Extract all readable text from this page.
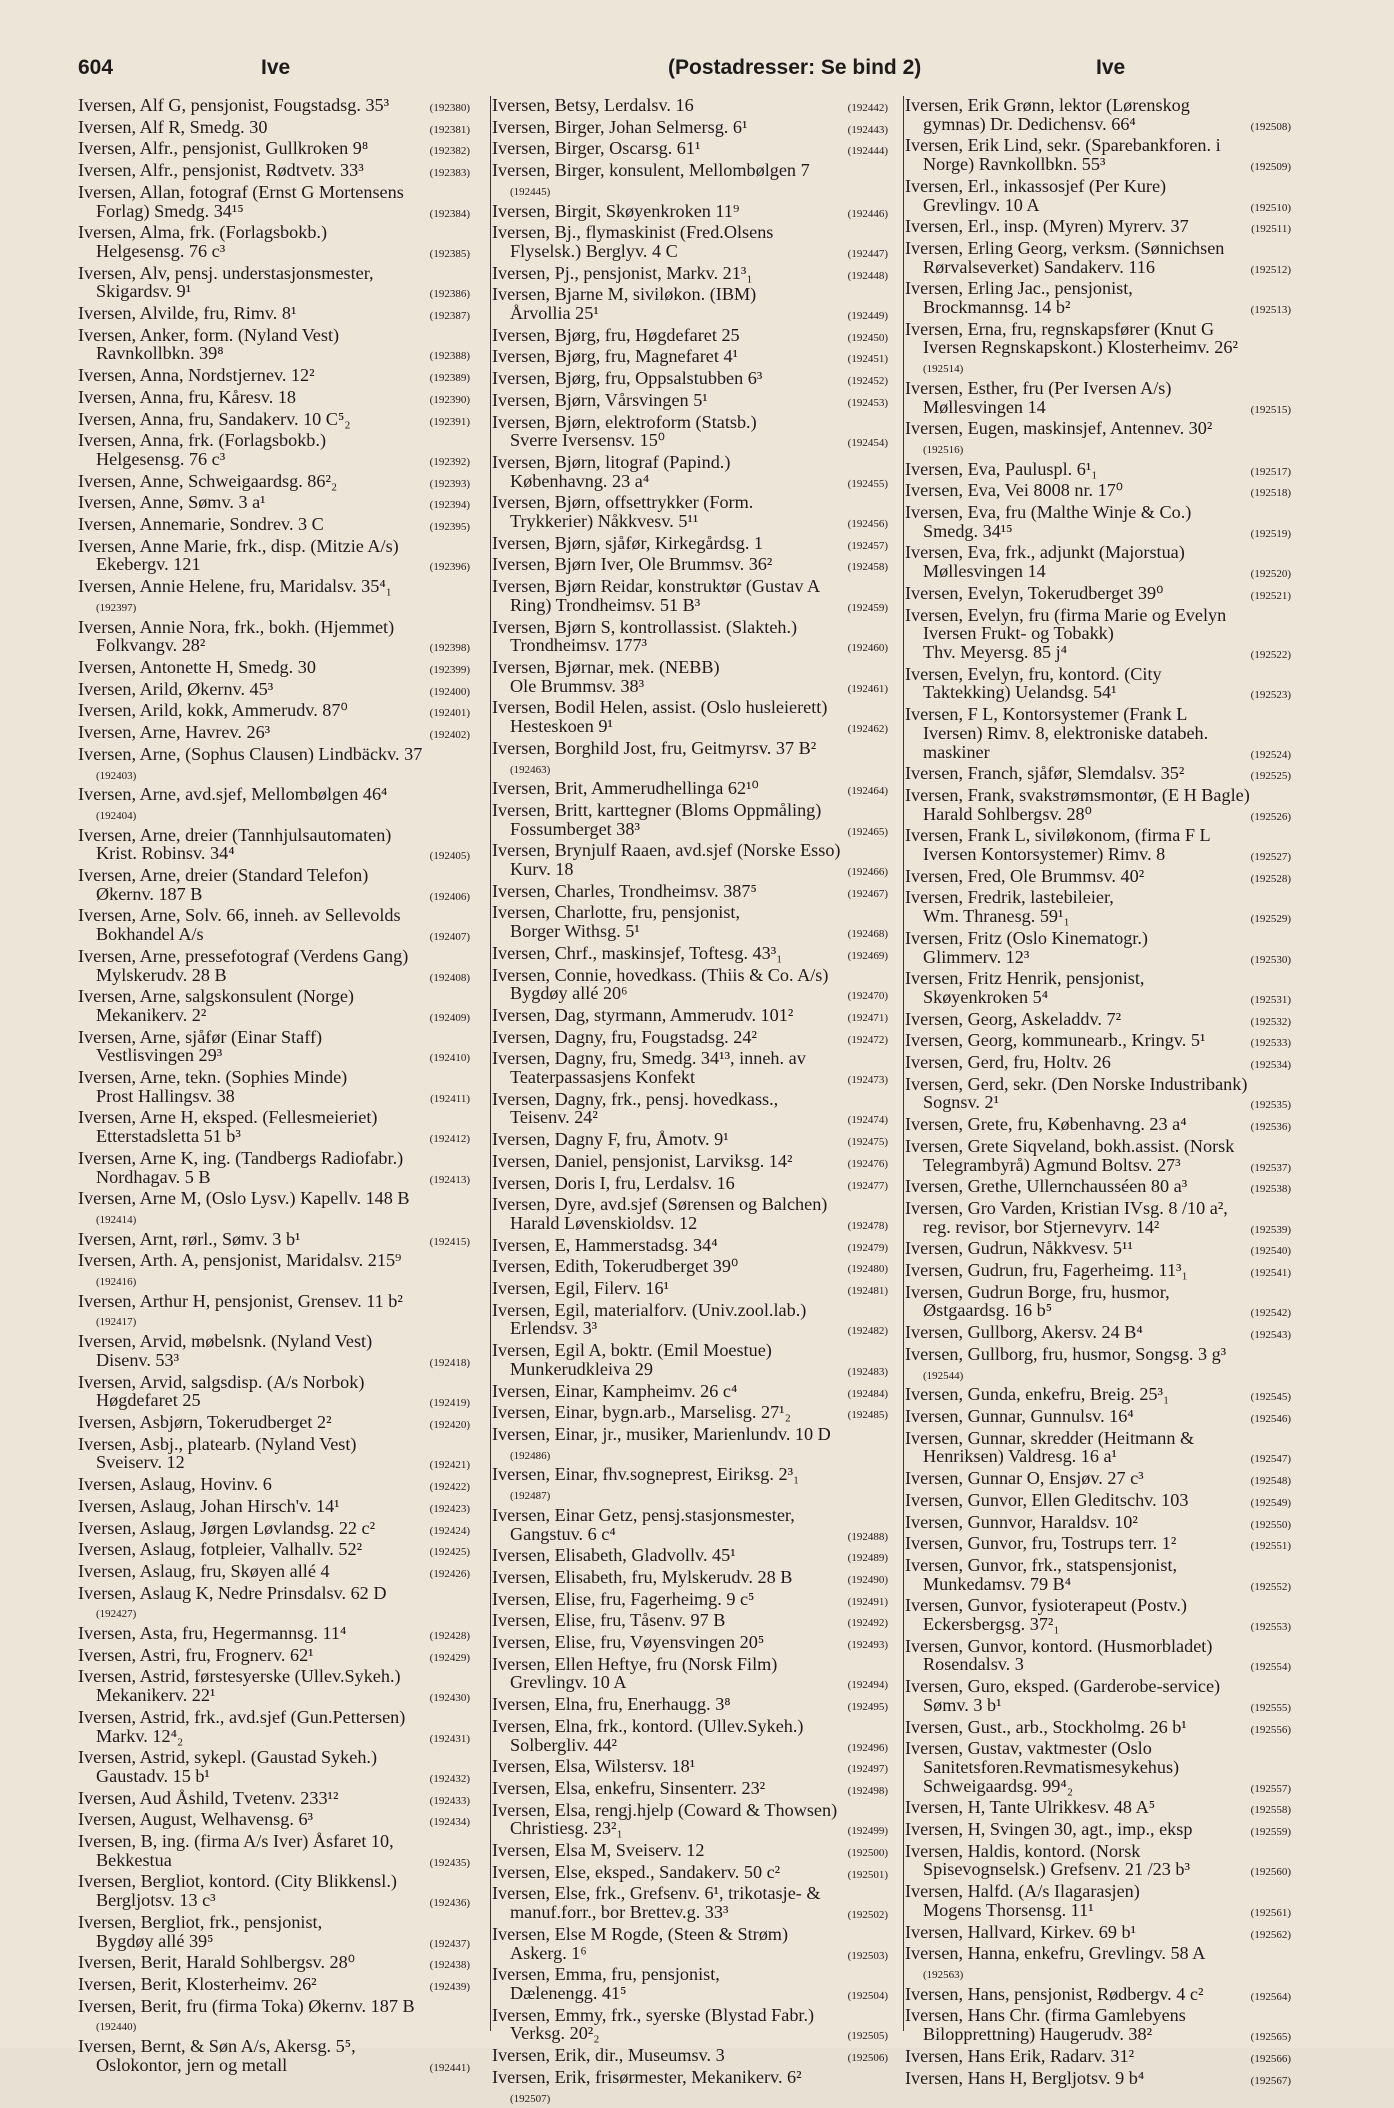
604	Ive	(Postadresser: Se bind 2)	Ive
Iversen, Alf G, pensjonist, Fougstadsg. 35³	(192380)
Iversen, Alf R, Smedg. 30	(192381)
Iversen, Alfr., pensjonist, Gullkroken 9⁸	(192382)
Iversen, Alfr., pensjonist, Rødtvetv. 33³	(192383)
Iversen, Allan, fotograf (Ernst G Mortensens
Forlag) Smedg. 34¹⁵	(192384)
Iversen, Alma, frk. (Forlagsbokb.)
Helgesensg. 76 c³	(192385)
Iversen, Alv, pensj. understasjonsmester,
Skigardsv. 9¹	(192386)
Iversen, Alvilde, fru, Rimv. 8¹	(192387)
Iversen, Anker, form. (Nyland Vest)
Ravnkollbkn. 39⁸	(192388)
Iversen, Anna, Nordstjernev. 12²	(192389)
Iversen, Anna, fru, Kåresv. 18	(192390)
Iversen, Anna, fru, Sandakerv. 10 C⁵₂	(192391)
Iversen, Anna, frk. (Forlagsbokb.)
Helgesensg. 76 c³	(192392)
Iversen, Anne, Schweigaardsg. 86²₂	(192393)
Iversen, Anne, Sømv. 3 a¹	(192394)
Iversen, Annemarie, Sondrev. 3 C	(192395)
Iversen, Anne Marie, frk., disp. (Mitzie A/s)
Ekebergv. 121	(192396)
Iversen, Annie Helene, fru, Maridalsv. 35⁴₁
(192397)
Iversen, Annie Nora, frk., bokh. (Hjemmet)
Folkvangv. 28²	(192398)
Iversen, Antonette H, Smedg. 30	(192399)
Iversen, Arild, Økernv. 45³	(192400)
Iversen, Arild, kokk, Ammerudv. 87⁰	(192401)
Iversen, Arne, Havrev. 26³	(192402)
Iversen, Arne, (Sophus Clausen) Lindbäckv. 37
(192403)
Iversen, Arne, avd.sjef, Mellombølgen 46⁴
(192404)
Iversen, Arne, dreier (Tannhjulsautomaten)
Krist. Robinsv. 34⁴	(192405)
Iversen, Arne, dreier (Standard Telefon)
Økernv. 187 B	(192406)
Iversen, Arne, Solv. 66, inneh. av Sellevolds
Bokhandel A/s	(192407)
Iversen, Arne, pressefotograf (Verdens Gang)
Mylskerudv. 28 B	(192408)
Iversen, Arne, salgskonsulent (Norge)
Mekanikerv. 2²	(192409)
Iversen, Arne, sjåfør (Einar Staff)
Vestlisvingen 29³	(192410)
Iversen, Arne, tekn. (Sophies Minde)
Prost Hallingsv. 38	(192411)
Iversen, Arne H, eksped. (Fellesmeieriet)
Etterstadsletta 51 b³	(192412)
Iversen, Arne K, ing. (Tandbergs Radiofabr.)
Nordhagav. 5 B	(192413)
Iversen, Arne M, (Oslo Lysv.) Kapellv. 148 B
(192414)
Iversen, Arnt, rørl., Sømv. 3 b¹	(192415)
Iversen, Arth. A, pensjonist, Maridalsv. 215⁹
(192416)
Iversen, Arthur H, pensjonist, Grensev. 11 b²
(192417)
Iversen, Arvid, møbelsnk. (Nyland Vest)
Disenv. 53³	(192418)
Iversen, Arvid, salgsdisp. (A/s Norbok)
Høgdefaret 25	(192419)
Iversen, Asbjørn, Tokerudberget 2²	(192420)
Iversen, Asbj., platearb. (Nyland Vest)
Sveiserv. 12	(192421)
Iversen, Aslaug, Hovinv. 6	(192422)
Iversen, Aslaug, Johan Hirsch'v. 14¹	(192423)
Iversen, Aslaug, Jørgen Løvlandsg. 22 c²	(192424)
Iversen, Aslaug, fotpleier, Valhallv. 52²	(192425)
Iversen, Aslaug, fru, Skøyen allé 4	(192426)
Iversen, Aslaug K, Nedre Prinsdalsv. 62 D
(192427)
Iversen, Asta, fru, Hegermannsg. 11⁴	(192428)
Iversen, Astri, fru, Frognerv. 62¹	(192429)
Iversen, Astrid, førstesyerske (Ullev.Sykeh.)
Mekanikerv. 22¹	(192430)
Iversen, Astrid, frk., avd.sjef (Gun.Pettersen)
Markv. 12⁴₂	(192431)
Iversen, Astrid, sykepl. (Gaustad Sykeh.)
Gaustadv. 15 b¹	(192432)
Iversen, Aud Åshild, Tvetenv. 233¹²	(192433)
Iversen, August, Welhavensg. 6³	(192434)
Iversen, B, ing. (firma A/s Iver) Åsfaret 10,
Bekkestua	(192435)
Iversen, Bergliot, kontord. (City Blikkensl.)
Bergljotsv. 13 c³	(192436)
Iversen, Bergliot, frk., pensjonist,
Bygdøy allé 39⁵	(192437)
Iversen, Berit, Harald Sohlbergsv. 28⁰	(192438)
Iversen, Berit, Klosterheimv. 26²	(192439)
Iversen, Berit, fru (firma Toka) Økernv. 187 B
(192440)
Iversen, Bernt, & Søn A/s, Akersg. 5⁵,
Oslokontor, jern og metall	(192441)
Iversen, Betsy, Lerdalsv. 16	(192442)
Iversen, Birger, Johan Selmersg. 6¹	(192443)
Iversen, Birger, Oscarsg. 61¹	(192444)
Iversen, Birger, konsulent, Mellombølgen 7
(192445)
Iversen, Birgit, Skøyenkroken 11⁹	(192446)
Iversen, Bj., flymaskinist (Fred.Olsens
Flyselsk.) Berglyv. 4 C	(192447)
Iversen, Pj., pensjonist, Markv. 21³₁	(192448)
Iversen, Bjarne M, siviløkon. (IBM)
Årvollia 25¹	(192449)
Iversen, Bjørg, fru, Høgdefaret 25	(192450)
Iversen, Bjørg, fru, Magnefaret 4¹	(192451)
Iversen, Bjørg, fru, Oppsalstubben 6³	(192452)
Iversen, Bjørn, Vårsvingen 5¹	(192453)
Iversen, Bjørn, elektroform (Statsb.)
Sverre Iversensv. 15⁰	(192454)
Iversen, Bjørn, litograf (Papind.)
Københavng. 23 a⁴	(192455)
Iversen, Bjørn, offsettrykker (Form.
Trykkerier) Nåkkvesv. 5¹¹	(192456)
Iversen, Bjørn, sjåfør, Kirkegårdsg. 1	(192457)
Iversen, Bjørn Iver, Ole Brummsv. 36²	(192458)
Iversen, Bjørn Reidar, konstruktør (Gustav A
Ring) Trondheimsv. 51 B³	(192459)
Iversen, Bjørn S, kontrollassist. (Slakteh.)
Trondheimsv. 177³	(192460)
Iversen, Bjørnar, mek. (NEBB)
Ole Brummsv. 38³	(192461)
Iversen, Bodil Helen, assist. (Oslo husleierett)
Hesteskoen 9¹	(192462)
Iversen, Borghild Jost, fru, Geitmyrsv. 37 B²
(192463)
Iversen, Brit, Ammerudhellinga 62¹⁰	(192464)
Iversen, Britt, karttegner (Bloms Oppmåling)
Fossumberget 38³	(192465)
Iversen, Brynjulf Raaen, avd.sjef (Norske Esso)
Kurv. 18	(192466)
Iversen, Charles, Trondheimsv. 387⁵	(192467)
Iversen, Charlotte, fru, pensjonist,
Borger Withsg. 5¹	(192468)
Iversen, Chrf., maskinsjef, Toftesg. 43³₁	(192469)
Iversen, Connie, hovedkass. (Thiis & Co. A/s)
Bygdøy allé 20⁶	(192470)
Iversen, Dag, styrmann, Ammerudv. 101²	(192471)
Iversen, Dagny, fru, Fougstadsg. 24²	(192472)
Iversen, Dagny, fru, Smedg. 34¹³, inneh. av
Teaterpassasjens Konfekt	(192473)
Iversen, Dagny, frk., pensj. hovedkass.,
Teisenv. 24²	(192474)
Iversen, Dagny F, fru, Åmotv. 9¹	(192475)
Iversen, Daniel, pensjonist, Larviksg. 14²	(192476)
Iversen, Doris I, fru, Lerdalsv. 16	(192477)
Iversen, Dyre, avd.sjef (Sørensen og Balchen)
Harald Løvenskioldsv. 12	(192478)
Iversen, E, Hammerstadsg. 34⁴	(192479)
Iversen, Edith, Tokerudberget 39⁰	(192480)
Iversen, Egil, Filerv. 16¹	(192481)
Iversen, Egil, materialforv. (Univ.zool.lab.)
Erlendsv. 3³	(192482)
Iversen, Egil A, boktr. (Emil Moestue)
Munkerudkleiva 29	(192483)
Iversen, Einar, Kampheimv. 26 c⁴	(192484)
Iversen, Einar, bygn.arb., Marselisg. 27¹₂	(192485)
Iversen, Einar, jr., musiker, Marienlundv. 10 D
(192486)
Iversen, Einar, fhv.sogneprest, Eiriksg. 2³₁
(192487)
Iversen, Einar Getz, pensj.stasjonsmester,
Gangstuv. 6 c⁴	(192488)
Iversen, Elisabeth, Gladvollv. 45¹	(192489)
Iversen, Elisabeth, fru, Mylskerudv. 28 B	(192490)
Iversen, Elise, fru, Fagerheimg. 9 c⁵	(192491)
Iversen, Elise, fru, Tåsenv. 97 B	(192492)
Iversen, Elise, fru, Vøyensvingen 20⁵	(192493)
Iversen, Ellen Heftye, fru (Norsk Film)
Grevlingv. 10 A	(192494)
Iversen, Elna, fru, Enerhaugg. 3⁸	(192495)
Iversen, Elna, frk., kontord. (Ullev.Sykeh.)
Solbergliv. 44²	(192496)
Iversen, Elsa, Wilstersv. 18¹	(192497)
Iversen, Elsa, enkefru, Sinsenterr. 23²	(192498)
Iversen, Elsa, rengj.hjelp (Coward & Thowsen)
Christiesg. 23²₁	(192499)
Iversen, Elsa M, Sveiserv. 12	(192500)
Iversen, Else, eksped., Sandakerv. 50 c²	(192501)
Iversen, Else, frk., Grefsenv. 6¹, trikotasje- &
manuf.forr., bor Brettev.g. 33³	(192502)
Iversen, Else M Rogde, (Steen & Strøm)
Askerg. 1⁶	(192503)
Iversen, Emma, fru, pensjonist,
Dælenengg. 41⁵	(192504)
Iversen, Emmy, frk., syerske (Blystad Fabr.)
Verksg. 20²₂	(192505)
Iversen, Erik, dir., Museumsv. 3	(192506)
Iversen, Erik, frisørmester, Mekanikerv. 6²
(192507)
Iversen, Erik Grønn, lektor (Lørenskog
gymnas) Dr. Dedichensv. 66⁴	(192508)
Iversen, Erik Lind, sekr. (Sparebankforen. i
Norge) Ravnkollbkn. 55³	(192509)
Iversen, Erl., inkassosjef (Per Kure)
Grevlingv. 10 A	(192510)
Iversen, Erl., insp. (Myren) Myrerv. 37	(192511)
Iversen, Erling Georg, verksm. (Sønnichsen
Rørvalseverket) Sandakerv. 116	(192512)
Iversen, Erling Jac., pensjonist,
Brockmannsg. 14 b²	(192513)
Iversen, Erna, fru, regnskapsfører (Knut G
Iversen Regnskapskont.) Klosterheimv. 26²
(192514)
Iversen, Esther, fru (Per Iversen A/s)
Møllesvingen 14	(192515)
Iversen, Eugen, maskinsjef, Antennev. 30²
(192516)
Iversen, Eva, Pauluspl. 6¹₁	(192517)
Iversen, Eva, Vei 8008 nr. 17⁰	(192518)
Iversen, Eva, fru (Malthe Winje & Co.)
Smedg. 34¹⁵	(192519)
Iversen, Eva, frk., adjunkt (Majorstua)
Møllesvingen 14	(192520)
Iversen, Evelyn, Tokerudberget 39⁰	(192521)
Iversen, Evelyn, fru (firma Marie og Evelyn
Iversen Frukt- og Tobakk)
Thv. Meyersg. 85 j⁴	(192522)
Iversen, Evelyn, fru, kontord. (City
Taktekking) Uelandsg. 54¹	(192523)
Iversen, F L, Kontorsystemer (Frank L
Iversen) Rimv. 8, elektroniske databeh.
maskiner	(192524)
Iversen, Franch, sjåfør, Slemdalsv. 35²	(192525)
Iversen, Frank, svakstrømsmontør, (E H Bagle)
Harald Sohlbergsv. 28⁰	(192526)
Iversen, Frank L, siviløkonom, (firma F L
Iversen Kontorsystemer) Rimv. 8	(192527)
Iversen, Fred, Ole Brummsv. 40²	(192528)
Iversen, Fredrik, lastebileier,
Wm. Thranesg. 59¹₁	(192529)
Iversen, Fritz (Oslo Kinematogr.)
Glimmerv. 12³	(192530)
Iversen, Fritz Henrik, pensjonist,
Skøyenkroken 5⁴	(192531)
Iversen, Georg, Askeladdv. 7²	(192532)
Iversen, Georg, kommunearb., Kringv. 5¹	(192533)
Iversen, Gerd, fru, Holtv. 26	(192534)
Iversen, Gerd, sekr. (Den Norske Industribank)
Sognsv. 2¹	(192535)
Iversen, Grete, fru, Københavng. 23 a⁴	(192536)
Iversen, Grete Siqveland, bokh.assist. (Norsk
Telegrambyrå) Agmund Boltsv. 27³	(192537)
Iversen, Grethe, Ullernchausséen 80 a³	(192538)
Iversen, Gro Varden, Kristian IVsg. 8 /10 a²,
reg. revisor, bor Stjernevyrv. 14²	(192539)
Iversen, Gudrun, Nåkkvesv. 5¹¹	(192540)
Iversen, Gudrun, fru, Fagerheimg. 11³₁	(192541)
Iversen, Gudrun Borge, fru, husmor,
Østgaardsg. 16 b⁵	(192542)
Iversen, Gullborg, Akersv. 24 B⁴	(192543)
Iversen, Gullborg, fru, husmor, Songsg. 3 g³
(192544)
Iversen, Gunda, enkefru, Breig. 25³₁	(192545)
Iversen, Gunnar, Gunnulsv. 16⁴	(192546)
Iversen, Gunnar, skredder (Heitmann &
Henriksen) Valdresg. 16 a¹	(192547)
Iversen, Gunnar O, Ensjøv. 27 c³	(192548)
Iversen, Gunvor, Ellen Gleditschv. 103	(192549)
Iversen, Gunnvor, Haraldsv. 10²	(192550)
Iversen, Gunvor, fru, Tostrups terr. 1²	(192551)
Iversen, Gunvor, frk., statspensjonist,
Munkedamsv. 79 B⁴	(192552)
Iversen, Gunvor, fysioterapeut (Postv.)
Eckersbergsg. 37²₁	(192553)
Iversen, Gunvor, kontord. (Husmorbladet)
Rosendalsv. 3	(192554)
Iversen, Guro, eksped. (Garderobe-service)
Sømv. 3 b¹	(192555)
Iversen, Gust., arb., Stockholmg. 26 b¹	(192556)
Iversen, Gustav, vaktmester (Oslo
Sanitetsforen.Revmatismesykehus)
Schweigaardsg. 99⁴₂	(192557)
Iversen, H, Tante Ulrikkesv. 48 A⁵	(192558)
Iversen, H, Svingen 30, agt., imp., eksp	(192559)
Iversen, Haldis, kontord. (Norsk
Spisevognselsk.) Grefsenv. 21 /23 b³	(192560)
Iversen, Halfd. (A/s Ilagarasjen)
Mogens Thorsensg. 11¹	(192561)
Iversen, Hallvard, Kirkev. 69 b¹	(192562)
Iversen, Hanna, enkefru, Grevlingv. 58 A
(192563)
Iversen, Hans, pensjonist, Rødbergv. 4 c²	(192564)
Iversen, Hans Chr. (firma Gamlebyens
Bilopprettning) Haugerudv. 38²	(192565)
Iversen, Hans Erik, Radarv. 31²	(192566)
Iversen, Hans H, Bergljotsv. 9 b⁴	(192567)
